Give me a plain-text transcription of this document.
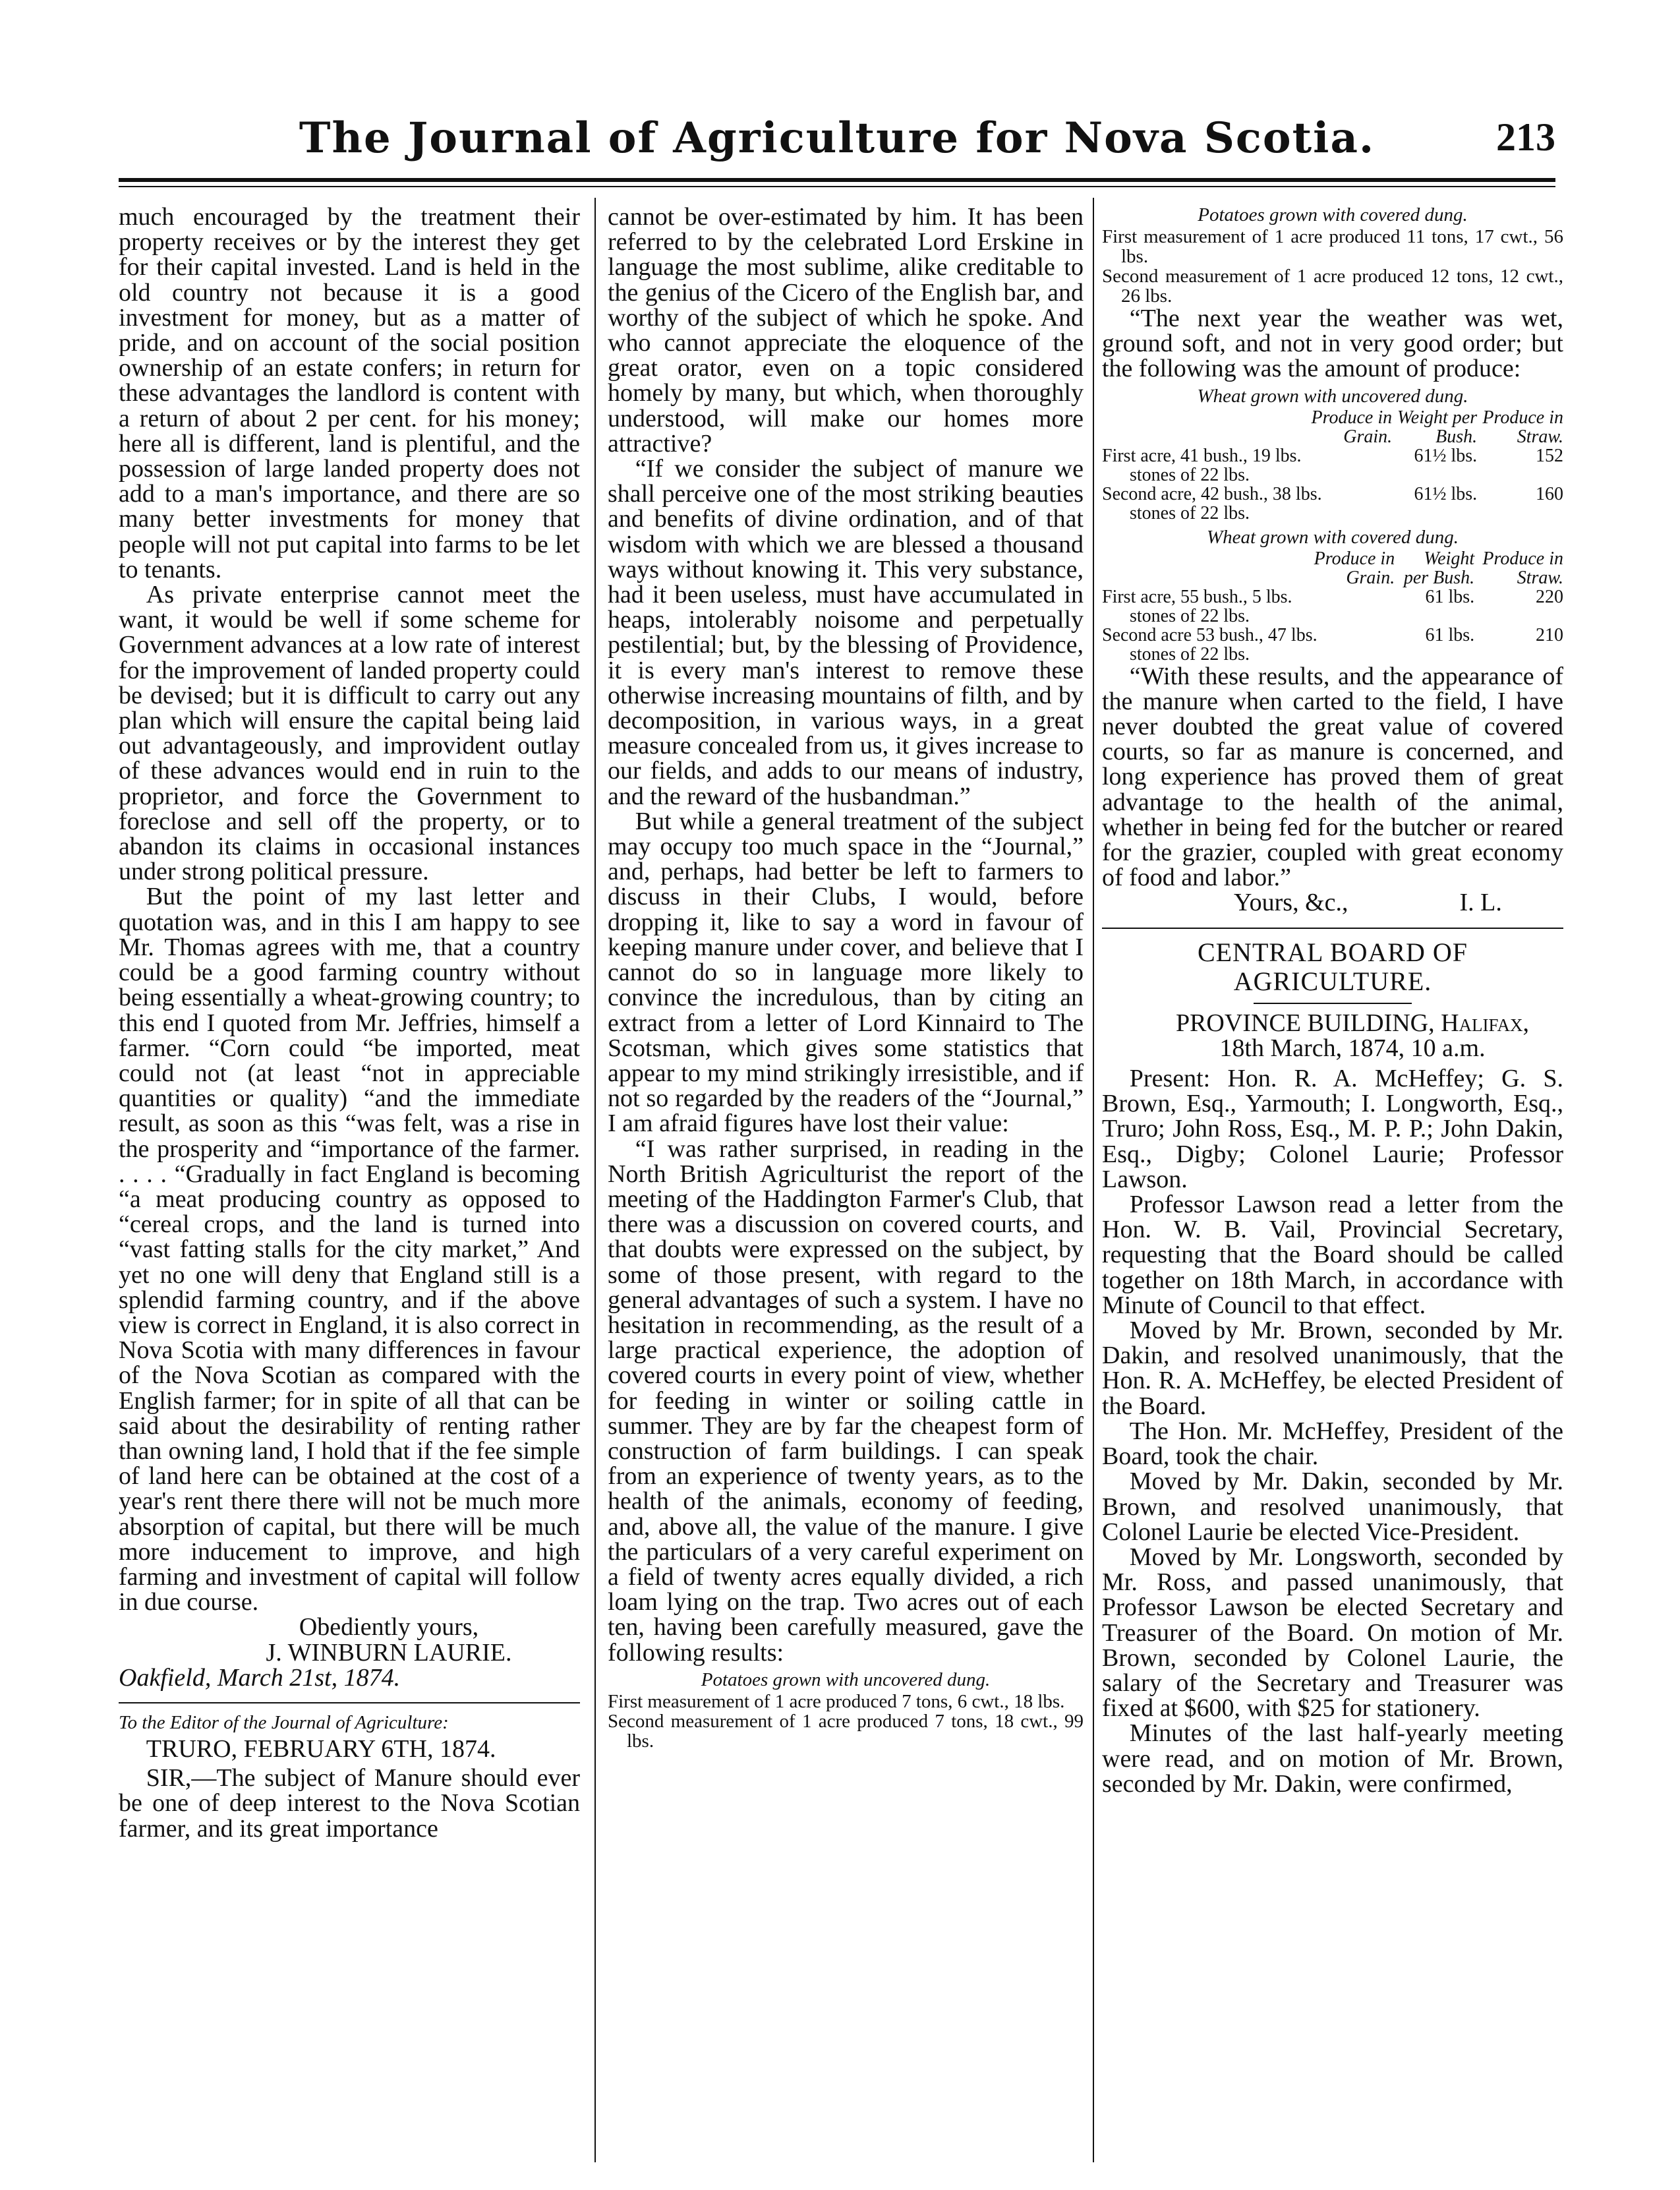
The Journal of Agriculture for Nova Scotia.	213

much encouraged by the treatment their property receives or by the interest they get for their capital invested. Land is held in the old country not because it is a good investment for money, but as a matter of pride, and on account of the social position ownership of an estate confers; in return for these advantages the landlord is content with a return of about 2 per cent. for his money; here all is different, land is plentiful, and the possession of large landed property does not add to a man's importance, and there are so many better investments for money that people will not put capital into farms to be let to tenants.

As private enterprise cannot meet the want, it would be well if some scheme for Government advances at a low rate of interest for the improvement of landed property could be devised; but it is difficult to carry out any plan which will ensure the capital being laid out advantageously, and improvident outlay of these advances would end in ruin to the proprietor, and force the Government to foreclose and sell off the property, or to abandon its claims in occasional instances under strong political pressure.

But the point of my last letter and quotation was, and in this I am happy to see Mr. Thomas agrees with me, that a country could be a good farming country without being essentially a wheat-growing country; to this end I quoted from Mr. Jeffries, himself a farmer. “Corn could “be imported, meat could not (at least “not in appreciable quantities or quality) “and the immediate result, as soon as this “was felt, was a rise in the prosperity and “importance of the farmer. . . . . “Gradually in fact England is becoming “a meat producing country as opposed to “cereal crops, and the land is turned into “vast fatting stalls for the city market,” And yet no one will deny that England still is a splendid farming country, and if the above view is correct in England, it is also correct in Nova Scotia with many differences in favour of the Nova Scotian as compared with the English farmer; for in spite of all that can be said about the desirability of renting rather than owning land, I hold that if the fee simple of land here can be obtained at the cost of a year's rent there there will not be much more absorption of capital, but there will be much more inducement to improve, and high farming and investment of capital will follow in due course.

Obediently yours,

J. WINBURN LAURIE.

Oakfield, March 21st, 1874.

To the Editor of the Journal of Agriculture:

TRURO, FEBRUARY 6TH, 1874.

SIR,—The subject of Manure should ever be one of deep interest to the Nova Scotian farmer, and its great importance

cannot be over-estimated by him. It has been referred to by the celebrated Lord Erskine in language the most sublime, alike creditable to the genius of the Cicero of the English bar, and worthy of the subject of which he spoke. And who cannot appreciate the eloquence of the great orator, even on a topic considered homely by many, but which, when thoroughly understood, will make our homes more attractive?

“If we consider the subject of manure we shall perceive one of the most striking beauties and benefits of divine ordination, and of that wisdom with which we are blessed a thousand ways without knowing it. This very substance, had it been useless, must have accumulated in heaps, intolerably noisome and perpetually pestilential; but, by the blessing of Providence, it is every man's interest to remove these otherwise increasing mountains of filth, and by decomposition, in various ways, in a great measure concealed from us, it gives increase to our fields, and adds to our means of industry, and the reward of the husbandman.”

But while a general treatment of the subject may occupy too much space in the “Journal,” and, perhaps, had better be left to farmers to discuss in their Clubs, I would, before dropping it, like to say a word in favour of keeping manure under cover, and believe that I cannot do so in language more likely to convince the incredulous, than by citing an extract from a letter of Lord Kinnaird to The Scotsman, which gives some statistics that appear to my mind strikingly irresistible, and if not so regarded by the readers of the “Journal,” I am afraid figures have lost their value:

“I was rather surprised, in reading in the North British Agriculturist the report of the meeting of the Haddington Farmer's Club, that there was a discussion on covered courts, and that doubts were expressed on the subject, by some of those present, with regard to the general advantages of such a system. I have no hesitation in recommending, as the result of a large practical experience, the adoption of covered courts in every point of view, whether for feeding in winter or soiling cattle in summer. They are by far the cheapest form of construction of farm buildings. I can speak from an experience of twenty years, as to the health of the animals, economy of feeding, and, above all, the value of the manure. I give the particulars of a very careful experiment on a field of twenty acres equally divided, a rich loam lying on the trap. Two acres out of each ten, having been carefully measured, gave the following results:

Potatoes grown with uncovered dung.

First measurement of 1 acre produced 7 tons, 6 cwt., 18 lbs.

Second measurement of 1 acre produced 7 tons, 18 cwt., 99 lbs.

Potatoes grown with covered dung.

First measurement of 1 acre produced 11 tons, 17 cwt., 56 lbs.

Second measurement of 1 acre produced 12 tons, 12 cwt., 26 lbs.

“The next year the weather was wet, ground soft, and not in very good order; but the following was the amount of produce:

Wheat grown with uncovered dung.
	Produce in Grain.	Weight per Bush.	Produce in Straw.
First acre, 41 bush., 19 lbs.		61½ lbs.	152
stones of 22 lbs.			
Second acre, 42 bush., 38 lbs.		61½ lbs.	160
stones of 22 lbs.			
Wheat grown with covered dung.
	Produce in Grain.	Weight per Bush.	Produce in Straw.
First acre, 55 bush., 5 lbs.		61 lbs.	220
stones of 22 lbs.			
Second acre 53 bush., 47 lbs.		61 lbs.	210
stones of 22 lbs.			

“With these results, and the appearance of the manure when carted to the field, I have never doubted the great value of covered courts, so far as manure is concerned, and long experience has proved them of great advantage to the health of the animal, whether in being fed for the butcher or reared for the grazier, coupled with great economy of food and labor.”

Yours, &c.,	I. L.

CENTRAL BOARD OF AGRICULTURE.

PROVINCE BUILDING, Halifax,

18th March, 1874, 10 a.m.

Present: Hon. R. A. McHeffey; G. S. Brown, Esq., Yarmouth; I. Longworth, Esq., Truro; John Ross, Esq., M. P. P.; John Dakin, Esq., Digby; Colonel Laurie; Professor Lawson.

Professor Lawson read a letter from the Hon. W. B. Vail, Provincial Secretary, requesting that the Board should be called together on 18th March, in accordance with Minute of Council to that effect.

Moved by Mr. Brown, seconded by Mr. Dakin, and resolved unanimously, that the Hon. R. A. McHeffey, be elected President of the Board.

The Hon. Mr. McHeffey, President of the Board, took the chair.

Moved by Mr. Dakin, seconded by Mr. Brown, and resolved unanimously, that Colonel Laurie be elected Vice-President.

Moved by Mr. Longsworth, seconded by Mr. Ross, and passed unanimously, that Professor Lawson be elected Secretary and Treasurer of the Board. On motion of Mr. Brown, seconded by Colonel Laurie, the salary of the Secretary and Treasurer was fixed at $600, with $25 for stationery.

Minutes of the last half-yearly meeting were read, and on motion of Mr. Brown, seconded by Mr. Dakin, were confirmed,
